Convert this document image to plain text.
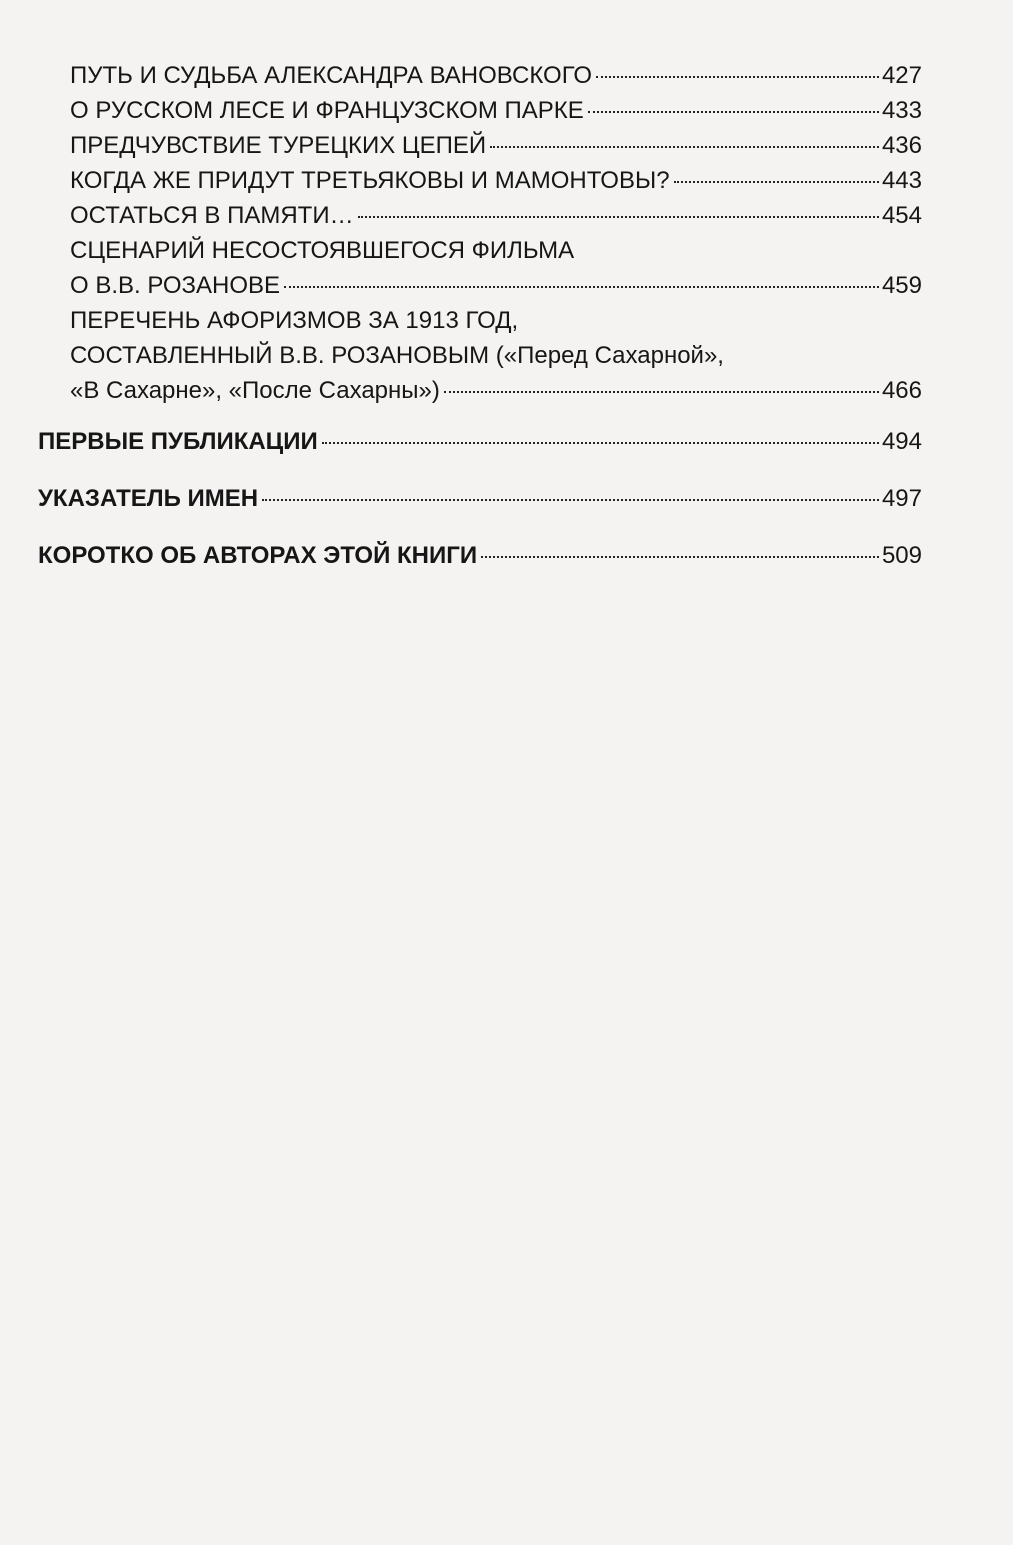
ПУТЬ И СУДЬБА АЛЕКСАНДРА ВАНОВСКОГО	427
О РУССКОМ ЛЕСЕ И ФРАНЦУЗСКОМ ПАРКЕ	433
ПРЕДЧУВСТВИЕ ТУРЕЦКИХ ЦЕПЕЙ	436
КОГДА ЖЕ ПРИДУТ ТРЕТЬЯКОВЫ И МАМОНТОВЫ?	443
ОСТАТЬСЯ В ПАМЯТИ…	454
СЦЕНАРИЙ НЕСОСТОЯВШЕГОСЯ ФИЛЬМА
О В.В. РОЗАНОВЕ	459
ПЕРЕЧЕНЬ АФОРИЗМОВ ЗА 1913 ГОД,
СОСТАВЛЕННЫЙ В.В. РОЗАНОВЫМ («Перед Сахарной»,
«В Сахарне», «После Сахарны»)	466
ПЕРВЫЕ ПУБЛИКАЦИИ	494
УКАЗАТЕЛЬ ИМЕН	497
КОРОТКО ОБ АВТОРАХ ЭТОЙ КНИГИ	509
